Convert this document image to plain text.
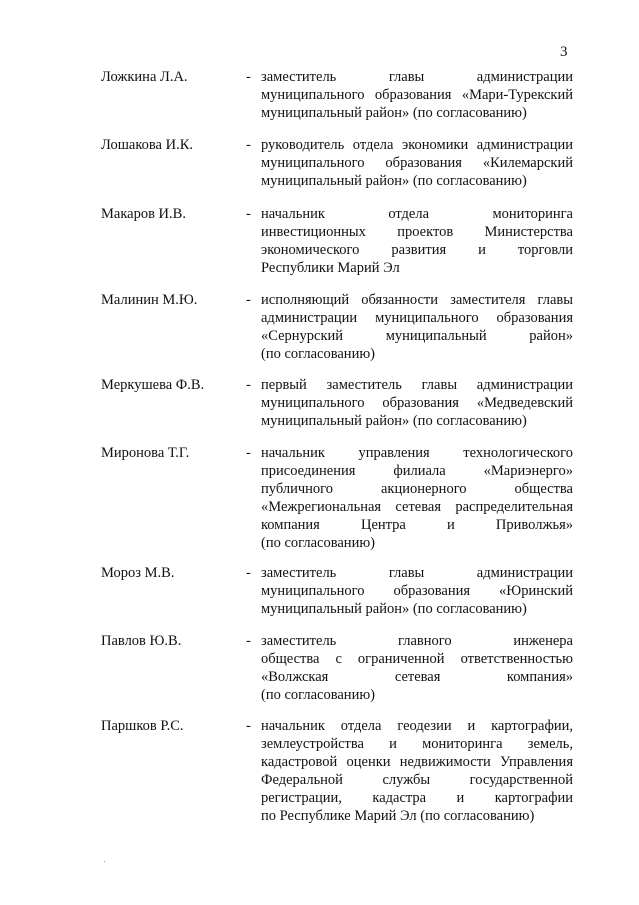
3
Ложкина Л.А.	- заместитель главы администрации
муниципального образования «Мари-Турекский
муниципальный район» (по согласованию)
Лошакова И.К.	- руководитель отдела экономики администрации
муниципального образования «Килемарский
муниципальный район» (по согласованию)
Макаров И.В.	- начальник отдела мониторинга
инвестиционных проектов Министерства
экономического развития и торговли
Республики Марий Эл
Малинин М.Ю.	- исполняющий обязанности заместителя главы
администрации муниципального образования
«Сернурский муниципальный район»
(по согласованию)
Меркушева Ф.В.	- первый заместитель главы администрации
муниципального образования «Медведевский
муниципальный район» (по согласованию)
Миронова Т.Г.	- начальник управления технологического
присоединения филиала «Мариэнерго»
публичного акционерного общества
«Межрегиональная сетевая распределительная
компания Центра и Приволжья»
(по согласованию)
Мороз М.В.	- заместитель главы администрации
муниципального образования «Юринский
муниципальный район» (по согласованию)
Павлов Ю.В.	- заместитель главного инженера
общества с ограниченной ответственностью
«Волжская сетевая компания»
(по согласованию)
Паршков Р.С.	- начальник отдела геодезии и картографии,
землеустройства и мониторинга земель,
кадастровой оценки недвижимости Управления
Федеральной службы государственной
регистрации, кадастра и картографии
по Республике Марий Эл (по согласованию)
